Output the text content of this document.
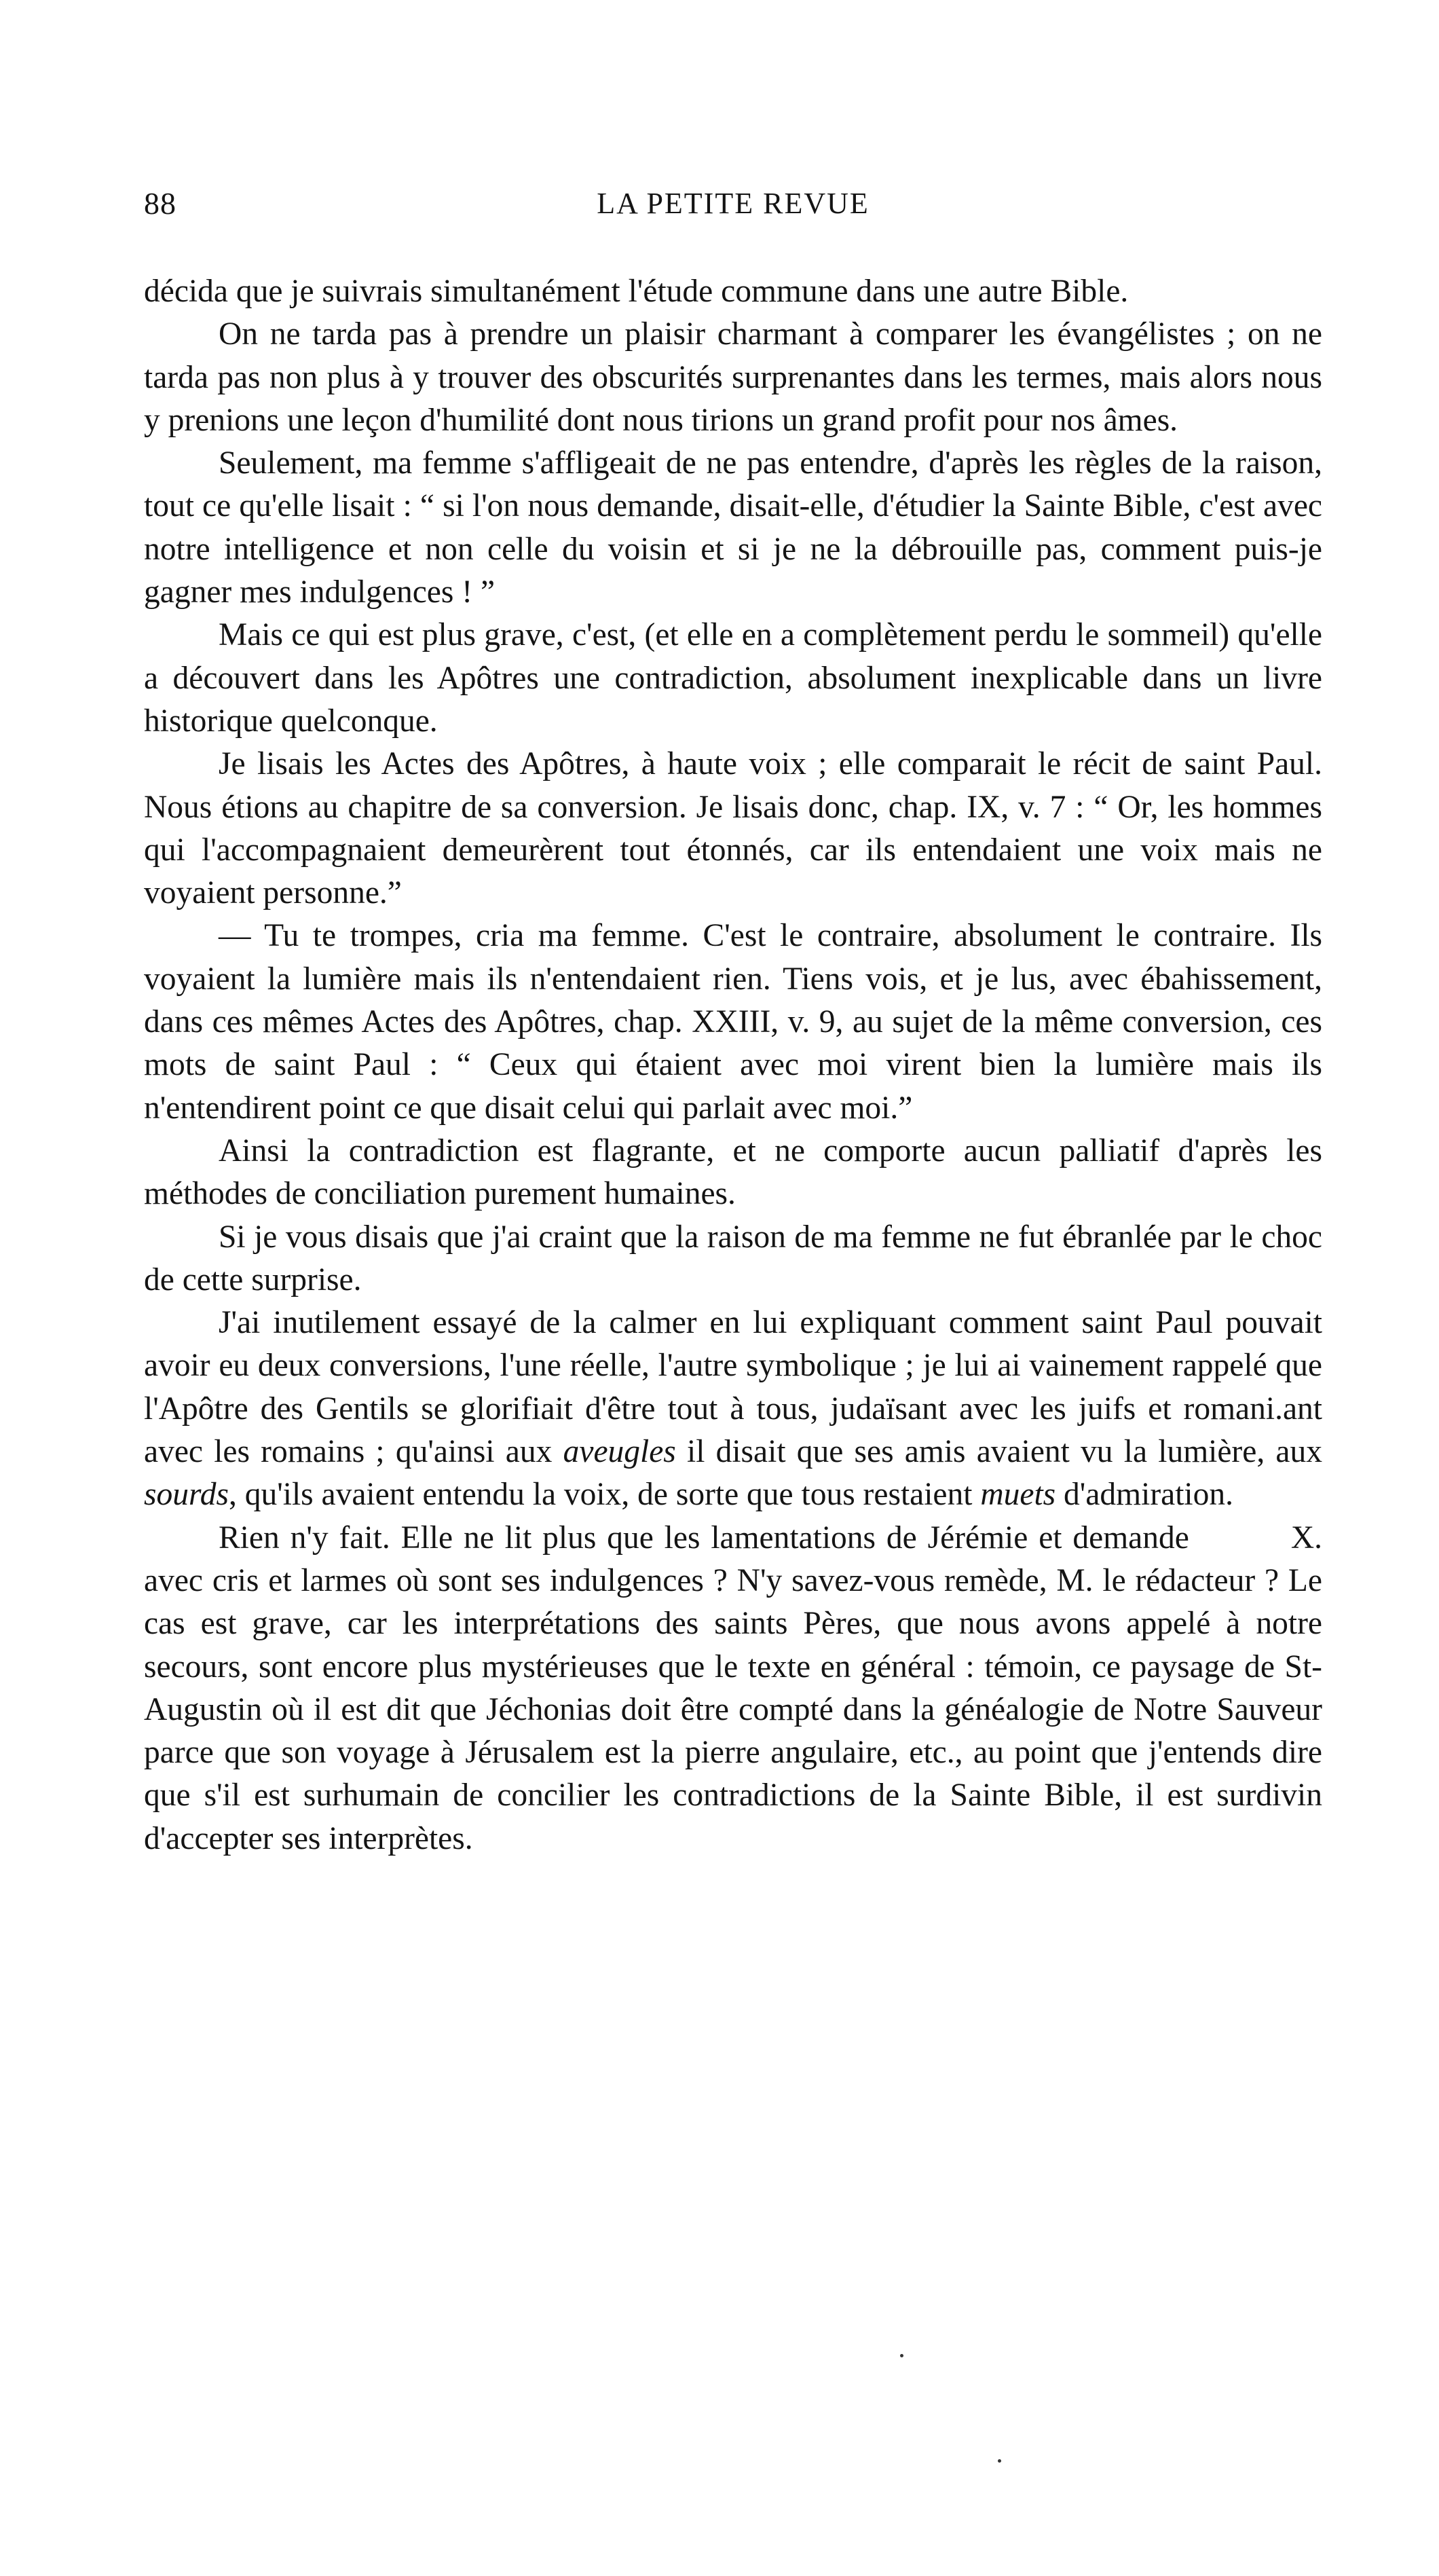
88	LA PETITE REVUE

décida que je suivrais simultanément l'étude commune dans une autre Bible.

On ne tarda pas à prendre un plaisir charmant à comparer les évangélistes ; on ne tarda pas non plus à y trouver des obscurités surprenantes dans les termes, mais alors nous y prenions une leçon d'humilité dont nous tirions un grand profit pour nos âmes.

Seulement, ma femme s'affligeait de ne pas entendre, d'après les règles de la raison, tout ce qu'elle lisait : “ si l'on nous demande, disait-elle, d'étudier la Sainte Bible, c'est avec notre intelligence et non celle du voisin et si je ne la débrouille pas, comment puis-je gagner mes indulgences ! ”

Mais ce qui est plus grave, c'est, (et elle en a complètement perdu le sommeil) qu'elle a découvert dans les Apôtres une contradiction, absolument inexplicable dans un livre historique quelconque.

Je lisais les Actes des Apôtres, à haute voix ; elle comparait le récit de saint Paul. Nous étions au chapitre de sa conversion. Je lisais donc, chap. IX, v. 7 : “ Or, les hommes qui l'accompagnaient demeurèrent tout étonnés, car ils entendaient une voix mais ne voyaient personne.”

— Tu te trompes, cria ma femme. C'est le contraire, absolument le contraire. Ils voyaient la lumière mais ils n'entendaient rien. Tiens vois, et je lus, avec ébahissement, dans ces mêmes Actes des Apôtres, chap. XXIII, v. 9, au sujet de la même conversion, ces mots de saint Paul : “ Ceux qui étaient avec moi virent bien la lumière mais ils n'entendirent point ce que disait celui qui parlait avec moi.”

Ainsi la contradiction est flagrante, et ne comporte aucun palliatif d'après les méthodes de conciliation purement humaines.

Si je vous disais que j'ai craint que la raison de ma femme ne fut ébranlée par le choc de cette surprise.

J'ai inutilement essayé de la calmer en lui expliquant comment saint Paul pouvait avoir eu deux conversions, l'une réelle, l'autre symbolique ; je lui ai vainement rappelé que l'Apôtre des Gentils se glorifiait d'être tout à tous, judaïsant avec les juifs et romani.ant avec les romains ; qu'ainsi aux aveugles il disait que ses amis avaient vu la lumière, aux sourds, qu'ils avaient entendu la voix, de sorte que tous restaient muets d'admiration.

X.
Rien n'y fait. Elle ne lit plus que les lamentations de Jérémie et demande avec cris et larmes où sont ses indulgences ? N'y savez-vous remède, M. le rédacteur ? Le cas est grave, car les interprétations des saints Pères, que nous avons appelé à notre secours, sont encore plus mystérieuses que le texte en général : témoin, ce paysage de St-Augustin où il est dit que Jéchonias doit être compté dans la généalogie de Notre Sauveur parce que son voyage à Jérusalem est la pierre angulaire, etc., au point que j'entends dire que s'il est surhumain de concilier les contradictions de la Sainte Bible, il est surdivin d'accepter ses interprètes.
